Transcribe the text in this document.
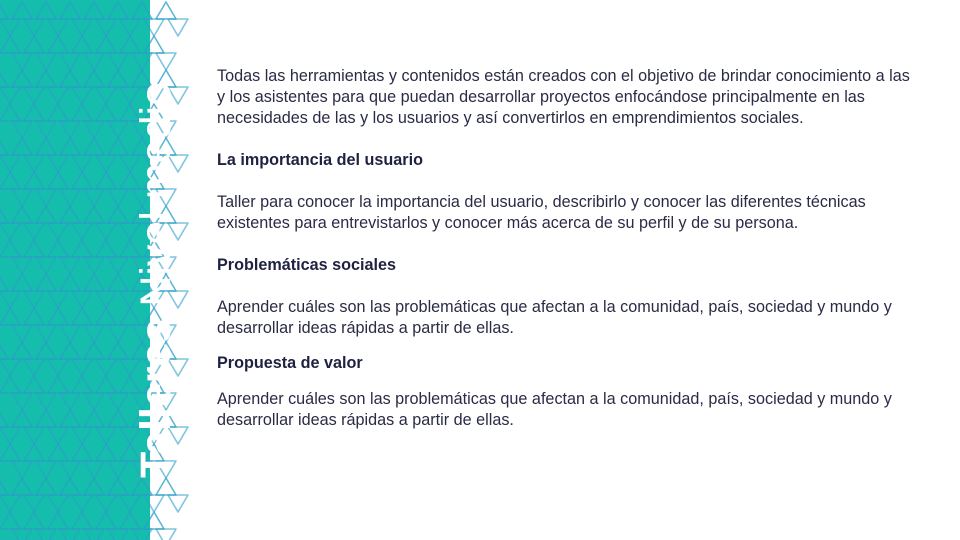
Talleres Nivel medio

Todas las herramientas y contenidos están creados con el objetivo de brindar conocimiento a las y los asistentes para que puedan desarrollar proyectos enfocándose principalmente en las necesidades de las y los usuarios y así convertirlos en emprendimientos sociales.

La importancia del usuario

Taller para conocer la importancia del usuario, describirlo y conocer las diferentes técnicas existentes para entrevistarlos y conocer más acerca de su perfil y de su persona.

Problemáticas sociales

Aprender cuáles son las problemáticas que afectan a la comunidad, país, sociedad y mundo y desarrollar ideas rápidas a partir de ellas.

Propuesta de valor

Aprender cuáles son las problemáticas que afectan a la comunidad, país, sociedad y mundo y desarrollar ideas rápidas a partir de ellas.
